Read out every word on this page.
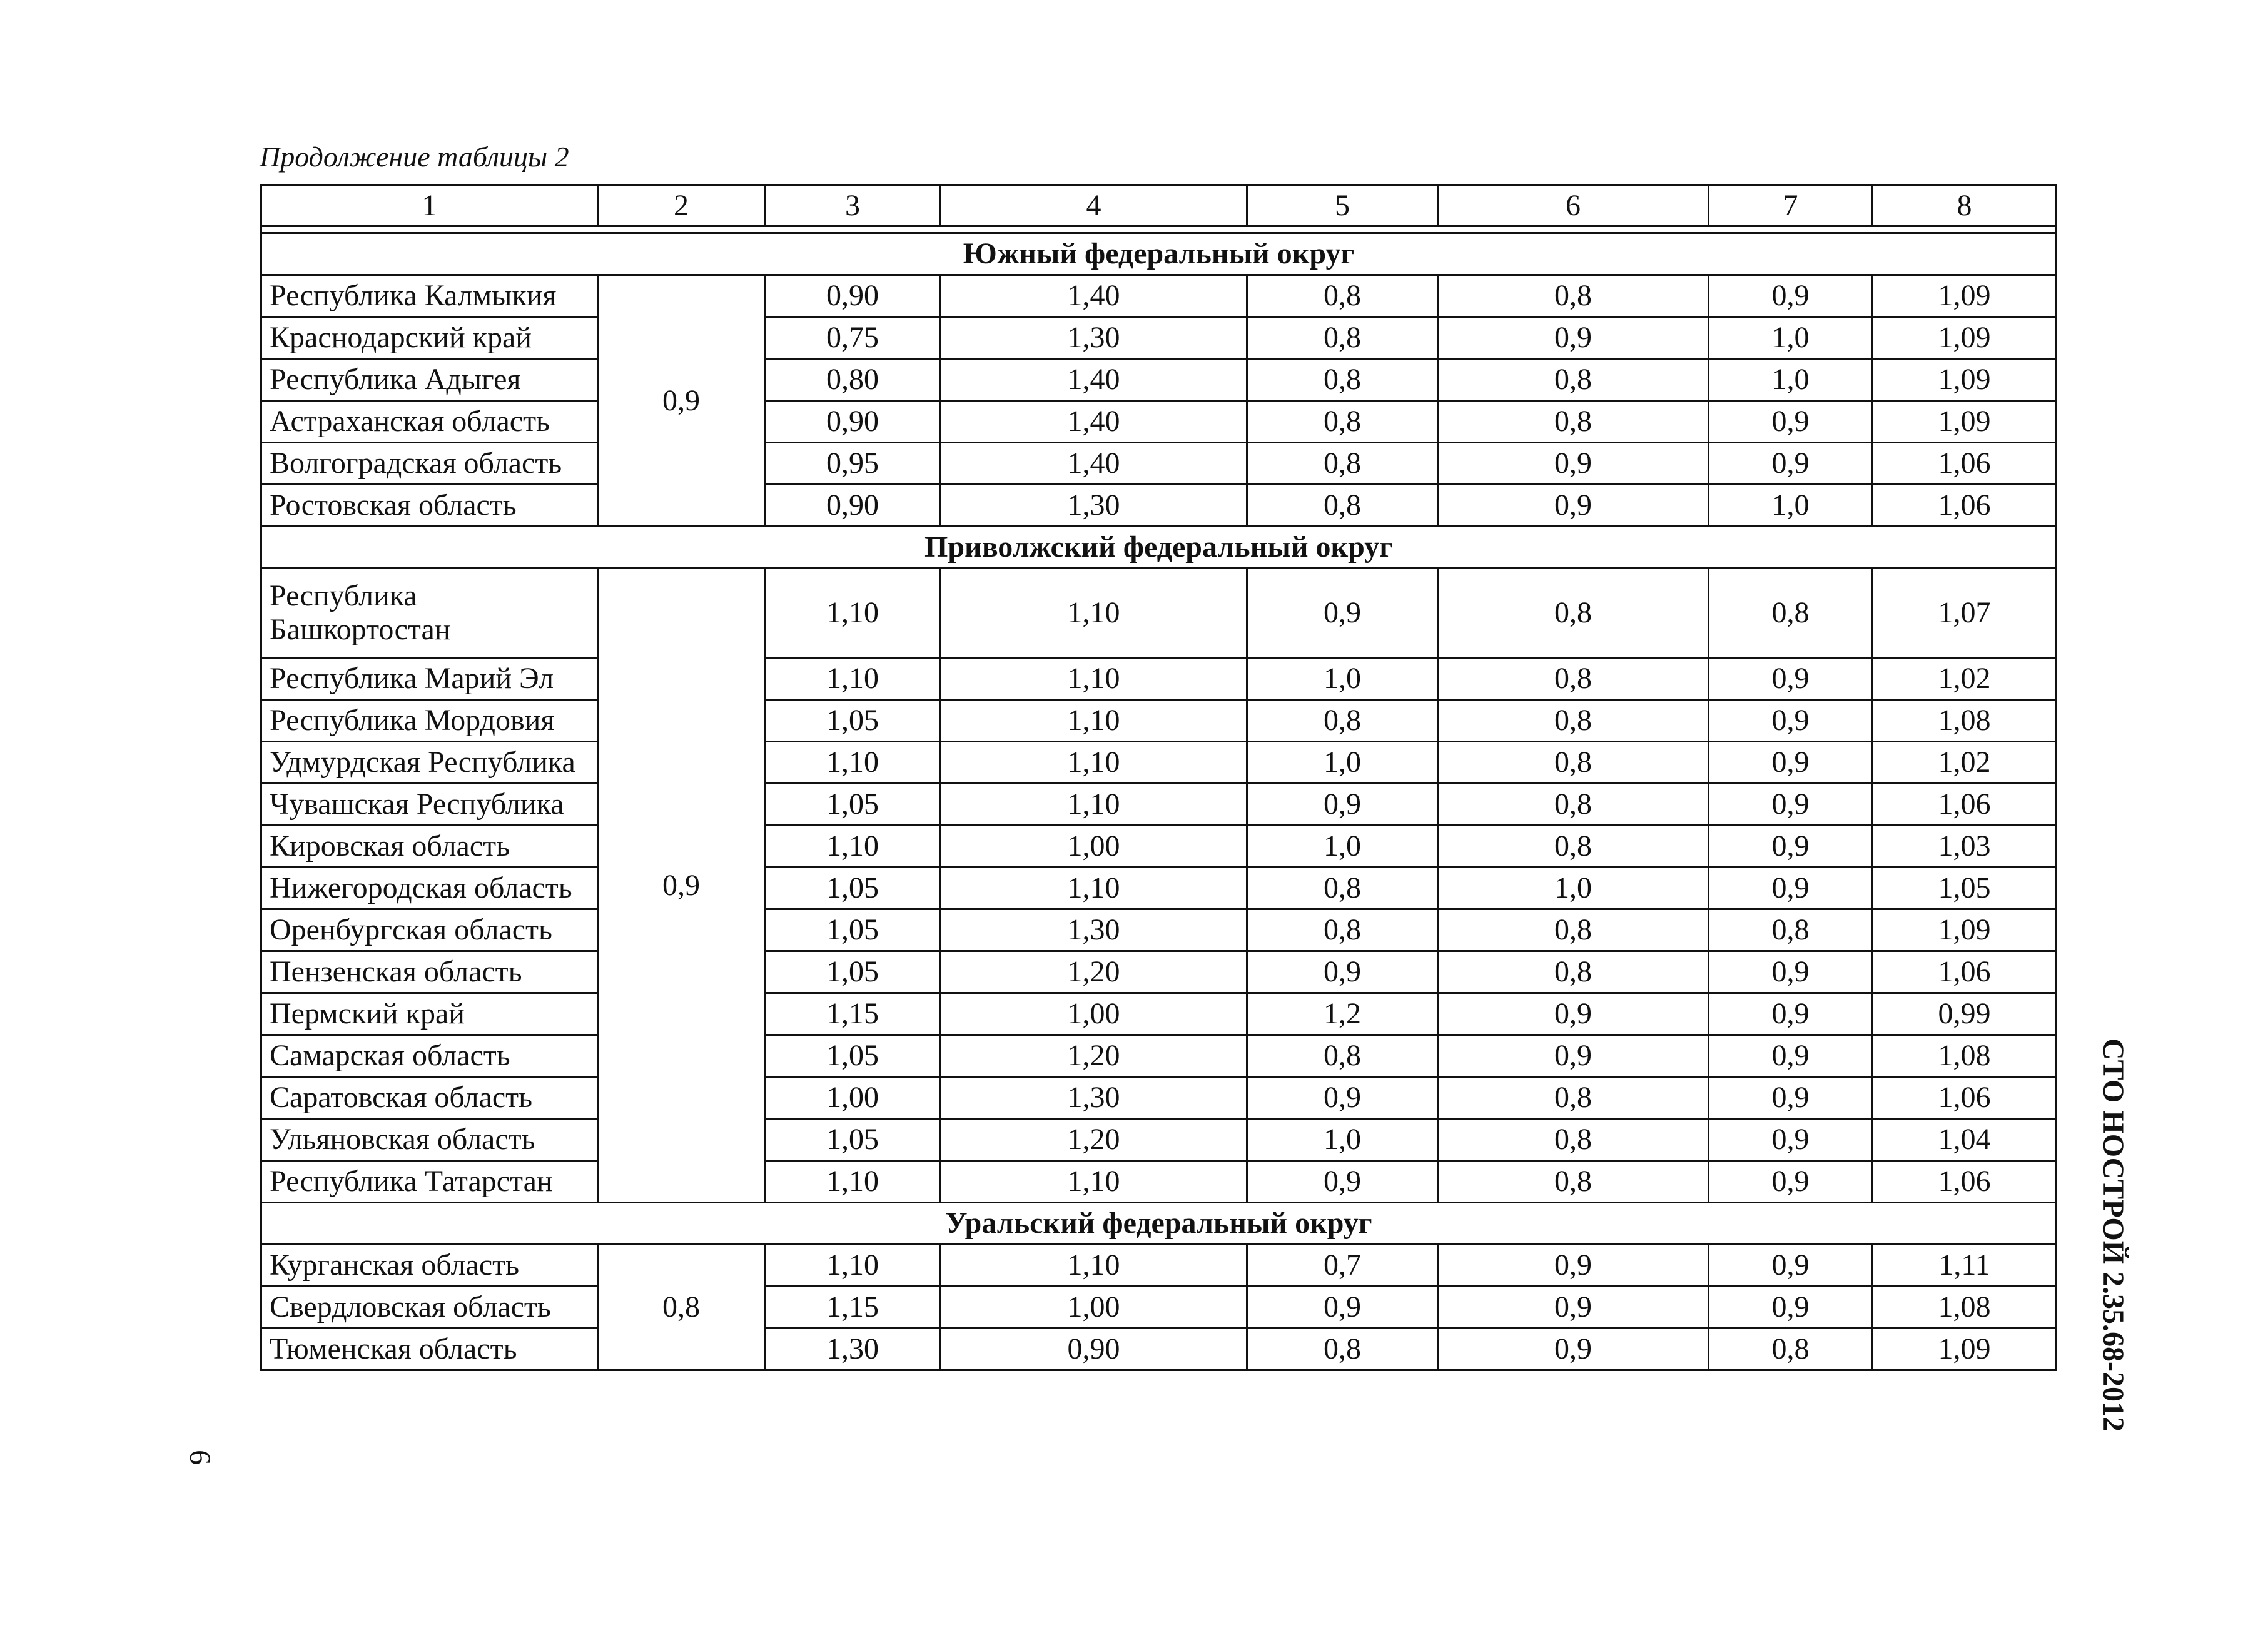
Продолжение таблицы 2
1	2	3	4	5	6	7	8

Южный федеральный округ							
Республика Калмыкия	0,9	0,90	1,40	0,8	0,8	0,9	1,09
Краснодарский край		0,75	1,30	0,8	0,9	1,0	1,09
Республика Адыгея		0,80	1,40	0,8	0,8	1,0	1,09
Астраханская область		0,90	1,40	0,8	0,8	0,9	1,09
Волгоградская область		0,95	1,40	0,8	0,9	0,9	1,06
Ростовская область		0,90	1,30	0,8	0,9	1,0	1,06
Приволжский федеральный округ							
Республика Башкортостан	0,9	1,10	1,10	0,9	0,8	0,8	1,07
Республика Марий Эл		1,10	1,10	1,0	0,8	0,9	1,02
Республика Мордовия		1,05	1,10	0,8	0,8	0,9	1,08
Удмурдская Республика		1,10	1,10	1,0	0,8	0,9	1,02
Чувашская Республика		1,05	1,10	0,9	0,8	0,9	1,06
Кировская область		1,10	1,00	1,0	0,8	0,9	1,03
Нижегородская область		1,05	1,10	0,8	1,0	0,9	1,05
Оренбургская область		1,05	1,30	0,8	0,8	0,8	1,09
Пензенская область		1,05	1,20	0,9	0,8	0,9	1,06
Пермский край		1,15	1,00	1,2	0,9	0,9	0,99
Самарская область		1,05	1,20	0,8	0,9	0,9	1,08
Саратовская область		1,00	1,30	0,9	0,8	0,9	1,06
Ульяновская область		1,05	1,20	1,0	0,8	0,9	1,04
Республика Татарстан		1,10	1,10	0,9	0,8	0,9	1,06
Уральский федеральный округ							
Курганская область	0,8	1,10	1,10	0,7	0,9	0,9	1,11
Свердловская область		1,15	1,00	0,9	0,9	0,9	1,08
Тюменская область		1,30	0,90	0,8	0,9	0,8	1,09	СТО НОСТРОЙ 2.35.68-2012
6
